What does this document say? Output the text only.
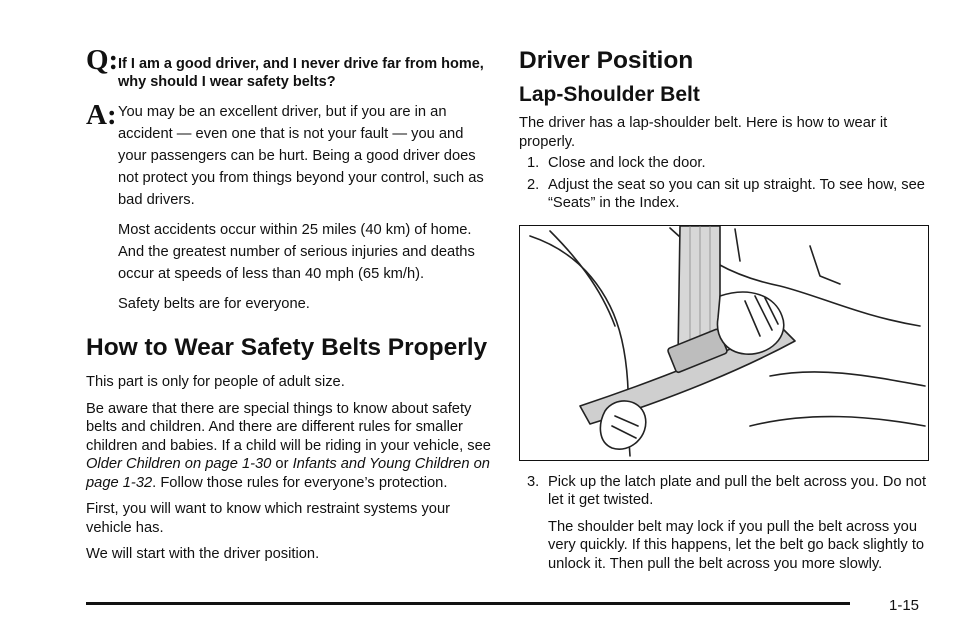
Q: If I am a good driver, and I never drive far from home, why should I wear safety belts?
A: You may be an excellent driver, but if you are in an accident — even one that is not your fault — you and your passengers can be hurt. Being a good driver does not protect you from things beyond your control, such as bad drivers.
Most accidents occur within 25 miles (40 km) of home. And the greatest number of serious injuries and deaths occur at speeds of less than 40 mph (65 km/h).
Safety belts are for everyone.
How to Wear Safety Belts Properly

This part is only for people of adult size.

Be aware that there are special things to know about safety belts and children. And there are different rules for smaller children and babies. If a child will be riding in your vehicle, see Older Children on page 1-30 or Infants and Young Children on page 1-32. Follow those rules for everyone’s protection.

First, you will want to know which restraint systems your vehicle has.

We will start with the driver position.

Driver Position
Lap-Shoulder Belt

The driver has a lap-shoulder belt. Here is how to wear it properly.

1. Close and lock the door.
2. Adjust the seat so you can sit up straight. To see how, see “Seats” in the Index.
3. Pick up the latch plate and pull the belt across you. Do not let it get twisted.

The shoulder belt may lock if you pull the belt across you very quickly. If this happens, let the belt go back slightly to unlock it. Then pull the belt across you more slowly.

1-15
